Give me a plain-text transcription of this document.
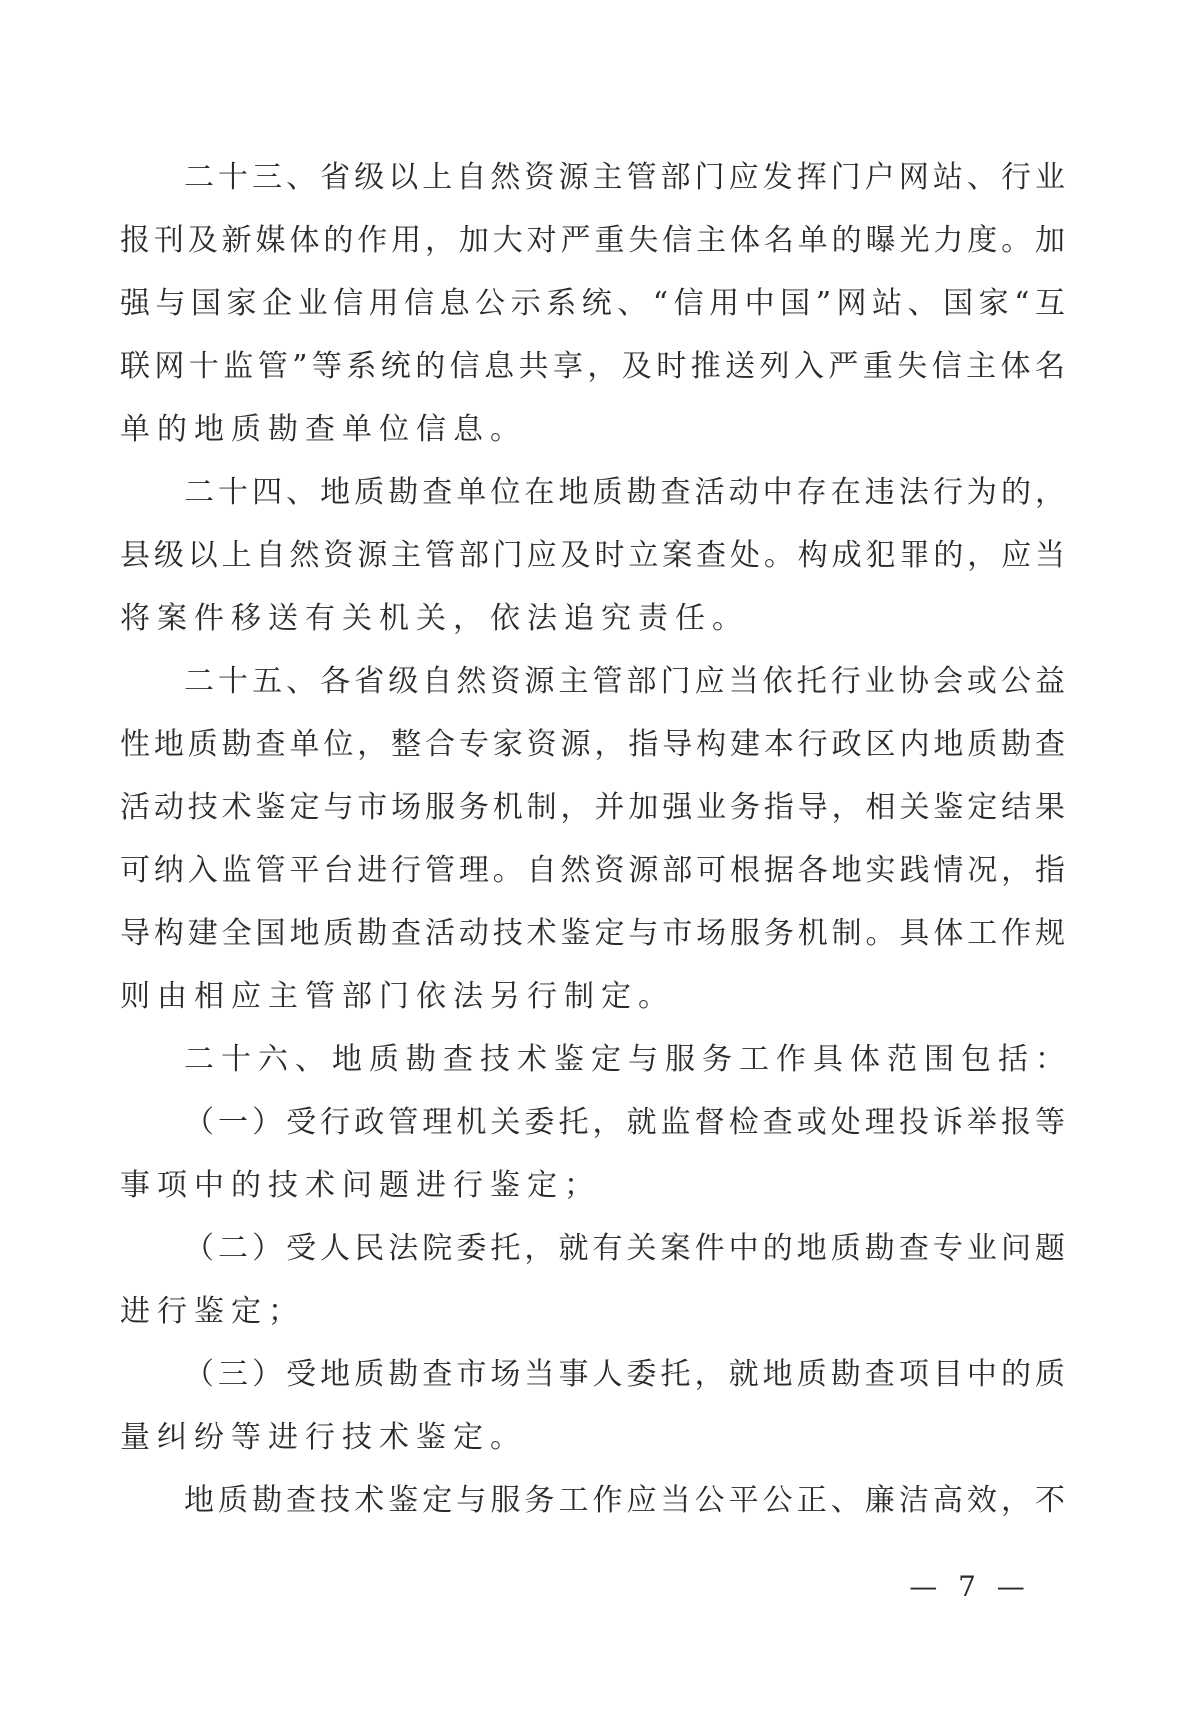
二十三、省级以上自然资源主管部门应发挥门户网站、行业
报刊及新媒体的作用，加大对严重失信主体名单的曝光力度。加
强与国家企业信用信息公示系统、“信用中国”网站、国家“互
联网十监管”等系统的信息共享，及时推送列入严重失信主体名
单的地质勘查单位信息。
二十四、地质勘查单位在地质勘查活动中存在违法行为的，
县级以上自然资源主管部门应及时立案查处。构成犯罪的，应当
将案件移送有关机关，依法追究责任。
二十五、各省级自然资源主管部门应当依托行业协会或公益
性地质勘查单位，整合专家资源，指导构建本行政区内地质勘查
活动技术鉴定与市场服务机制，并加强业务指导，相关鉴定结果
可纳入监管平台进行管理。自然资源部可根据各地实践情况，指
导构建全国地质勘查活动技术鉴定与市场服务机制。具体工作规
则由相应主管部门依法另行制定。
二十六、地质勘查技术鉴定与服务工作具体范围包括：
（一）受行政管理机关委托，就监督检查或处理投诉举报等
事项中的技术问题进行鉴定；
（二）受人民法院委托，就有关案件中的地质勘查专业问题
进行鉴定；
（三）受地质勘查市场当事人委托，就地质勘查项目中的质
量纠纷等进行技术鉴定。
地质勘查技术鉴定与服务工作应当公平公正、廉洁高效，不
— 7 —
